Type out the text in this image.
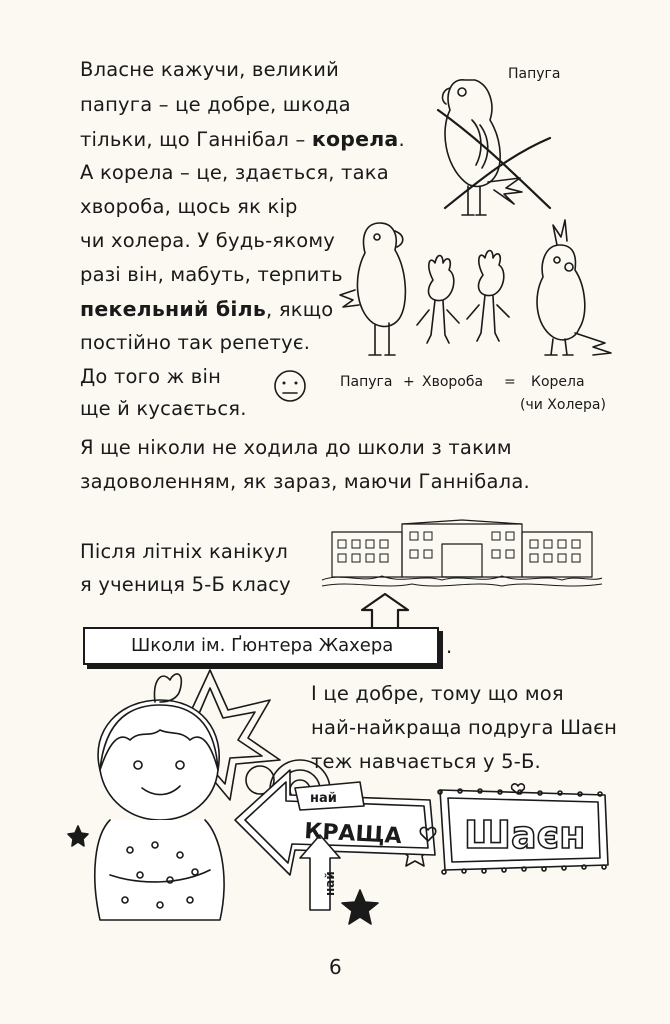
Власне кажучи, великий
папуга – це добре, шкода
тільки, що Ганнібал – корела.
А корела – це, здається, така
хвороба, щось як кір
чи холера. У будь-якому
разі він, мабуть, терпить
пекельний біль, якщо
постійно так репетує.
До того ж він
ще й кусається.
Папуга
Папуга + Хвороба = Корела
(чи Холера)
Я ще ніколи не ходила до школи з таким
задоволенням, як зараз, маючи Ганнібала.
Після літніх канікул
я учениця 5-Б класу
Школи ім. Ґюнтера Жахера	.
І це добре, тому що моя
най-найкраща подруга Шаєн
теж навчається у 5-Б.
най
КРАЩА
най
Шаєн
6
